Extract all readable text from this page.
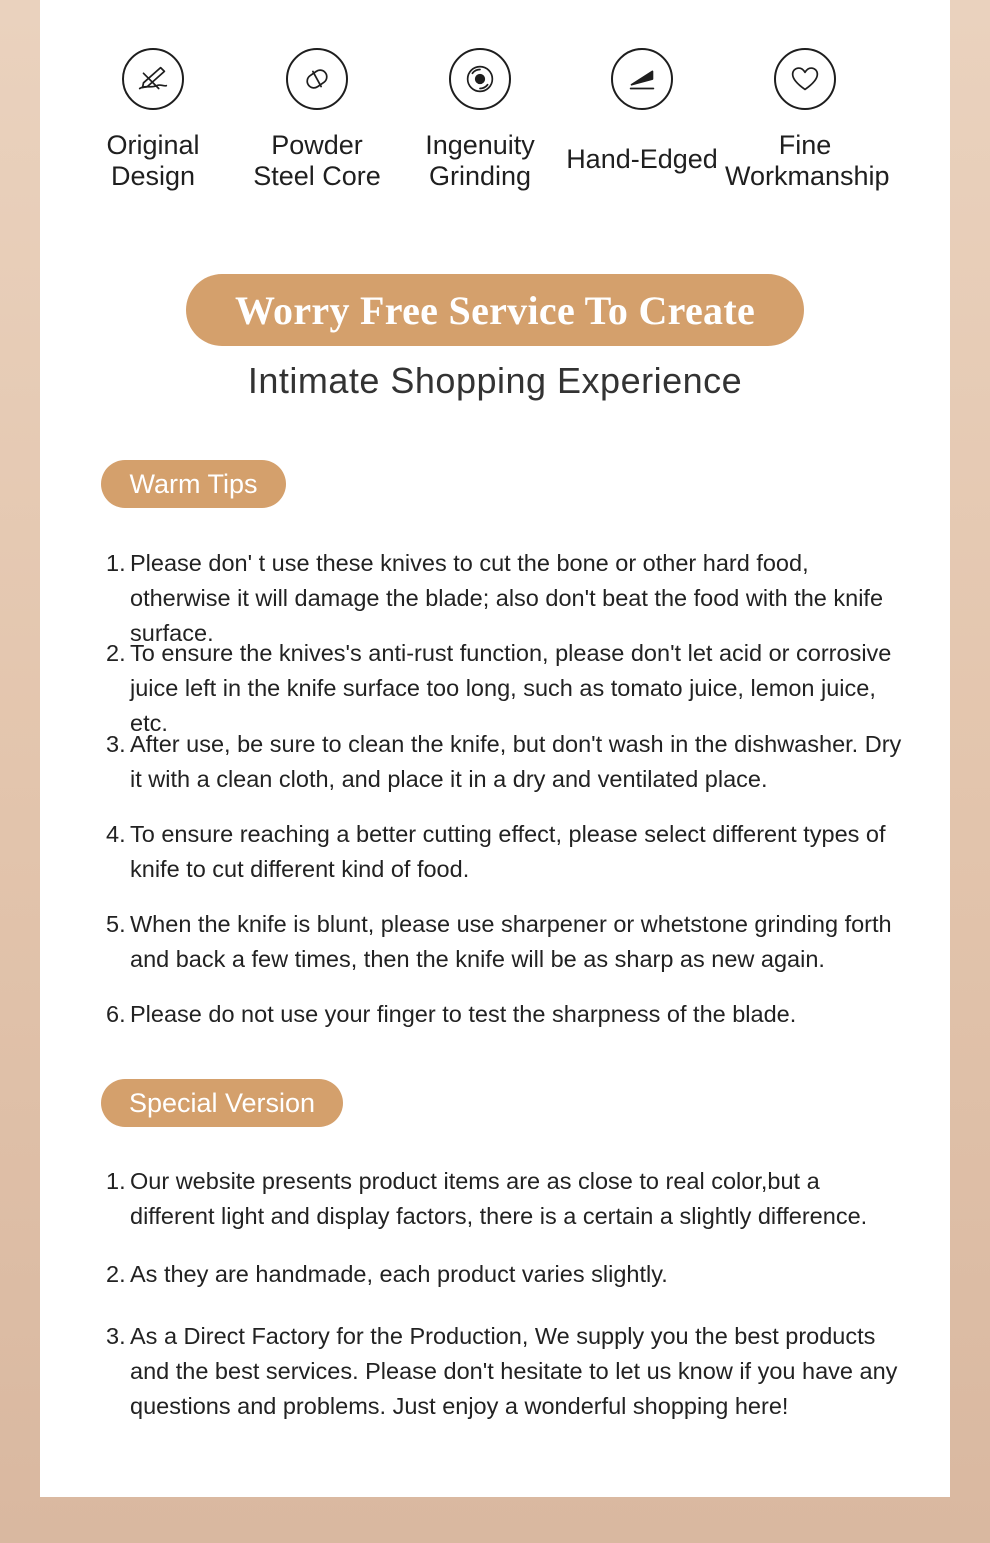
Original
Design
Powder
Steel Core
Ingenuity
Grinding
Hand-Edged	Fine
Workmanship
Worry Free Service To Create
Intimate Shopping Experience
Warm Tips
1. Please don' t use these knives to cut the bone or other hard food, otherwise it will damage the blade; also don't beat the food with the knife surface.
2. To ensure the knives's anti-rust function, please don't let acid or corrosive juice left in the knife surface too long, such as tomato juice, lemon juice, etc.
3. After use, be sure to clean the knife, but don't wash in the dishwasher. Dry it with a clean cloth, and place it in a dry and ventilated place.
4. To ensure reaching a better cutting effect, please select different types of knife to cut different kind of food.
5. When the knife is blunt, please use sharpener or whetstone grinding forth and back a few times, then the knife will be as sharp as new again.
6. Please do not use your finger to test the sharpness of the blade.
Special Version
1. Our website presents product items are as close to real color,but a different light and display factors, there is a certain a slightly difference.
2. As they are handmade, each product varies slightly.
3. As a Direct Factory for the Production, We supply you the best products and the best services. Please don't hesitate to let us know if you have any questions and problems. Just enjoy a wonderful shopping here!
